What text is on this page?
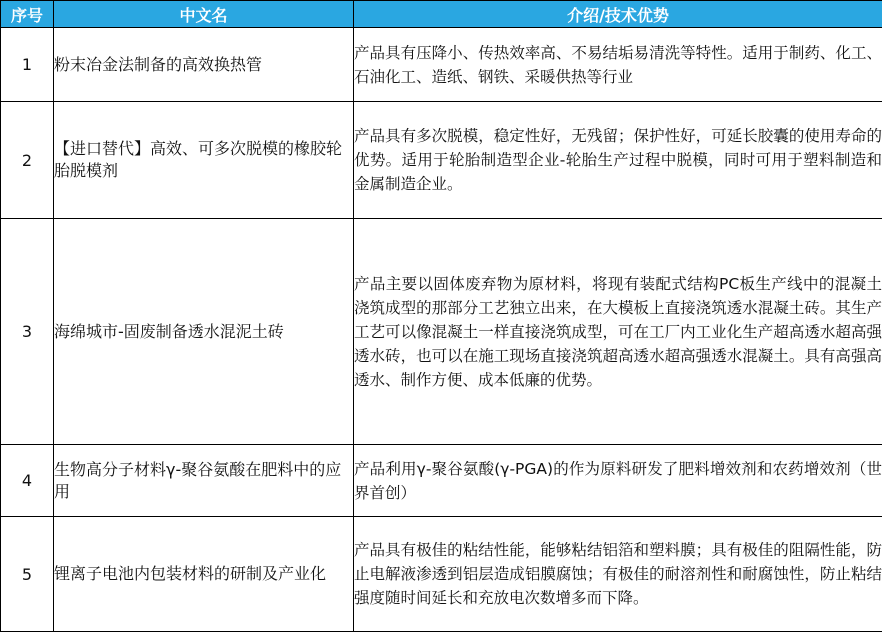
序号	中文名	介绍/技术优势
1	粉末冶金法制备的高效换热管	产品具有压降小、传热效率高、不易结垢易清洗等特性。适用于制药、化工、石油化工、造纸、钢铁、采暖供热等行业
2	【进口替代】高效、可多次脱模的橡胶轮胎脱模剂	产品具有多次脱模，稳定性好，无残留；保护性好，可延长胶囊的使用寿命的优势。适用于轮胎制造型企业-轮胎生产过程中脱模，同时可用于塑料制造和金属制造企业。
3	海绵城市-固废制备透水混泥土砖	产品主要以固体废弃物为原材料，将现有装配式结构PC板生产线中的混凝土浇筑成型的那部分工艺独立出来，在大模板上直接浇筑透水混凝土砖。其生产工艺可以像混凝土一样直接浇筑成型，可在工厂内工业化生产超高透水超高强透水砖，也可以在施工现场直接浇筑超高透水超高强透水混凝土。具有高强高透水、制作方便、成本低廉的优势。
4	生物高分子材料γ-聚谷氨酸在肥料中的应用	产品利用γ-聚谷氨酸(γ-PGA)的作为原料研发了肥料增效剂和农药增效剂（世界首创）
5	锂离子电池内包装材料的研制及产业化	产品具有极佳的粘结性能，能够粘结铝箔和塑料膜；具有极佳的阻隔性能，防止电解液渗透到铝层造成铝膜腐蚀；有极佳的耐溶剂性和耐腐蚀性，防止粘结强度随时间延长和充放电次数增多而下降。
